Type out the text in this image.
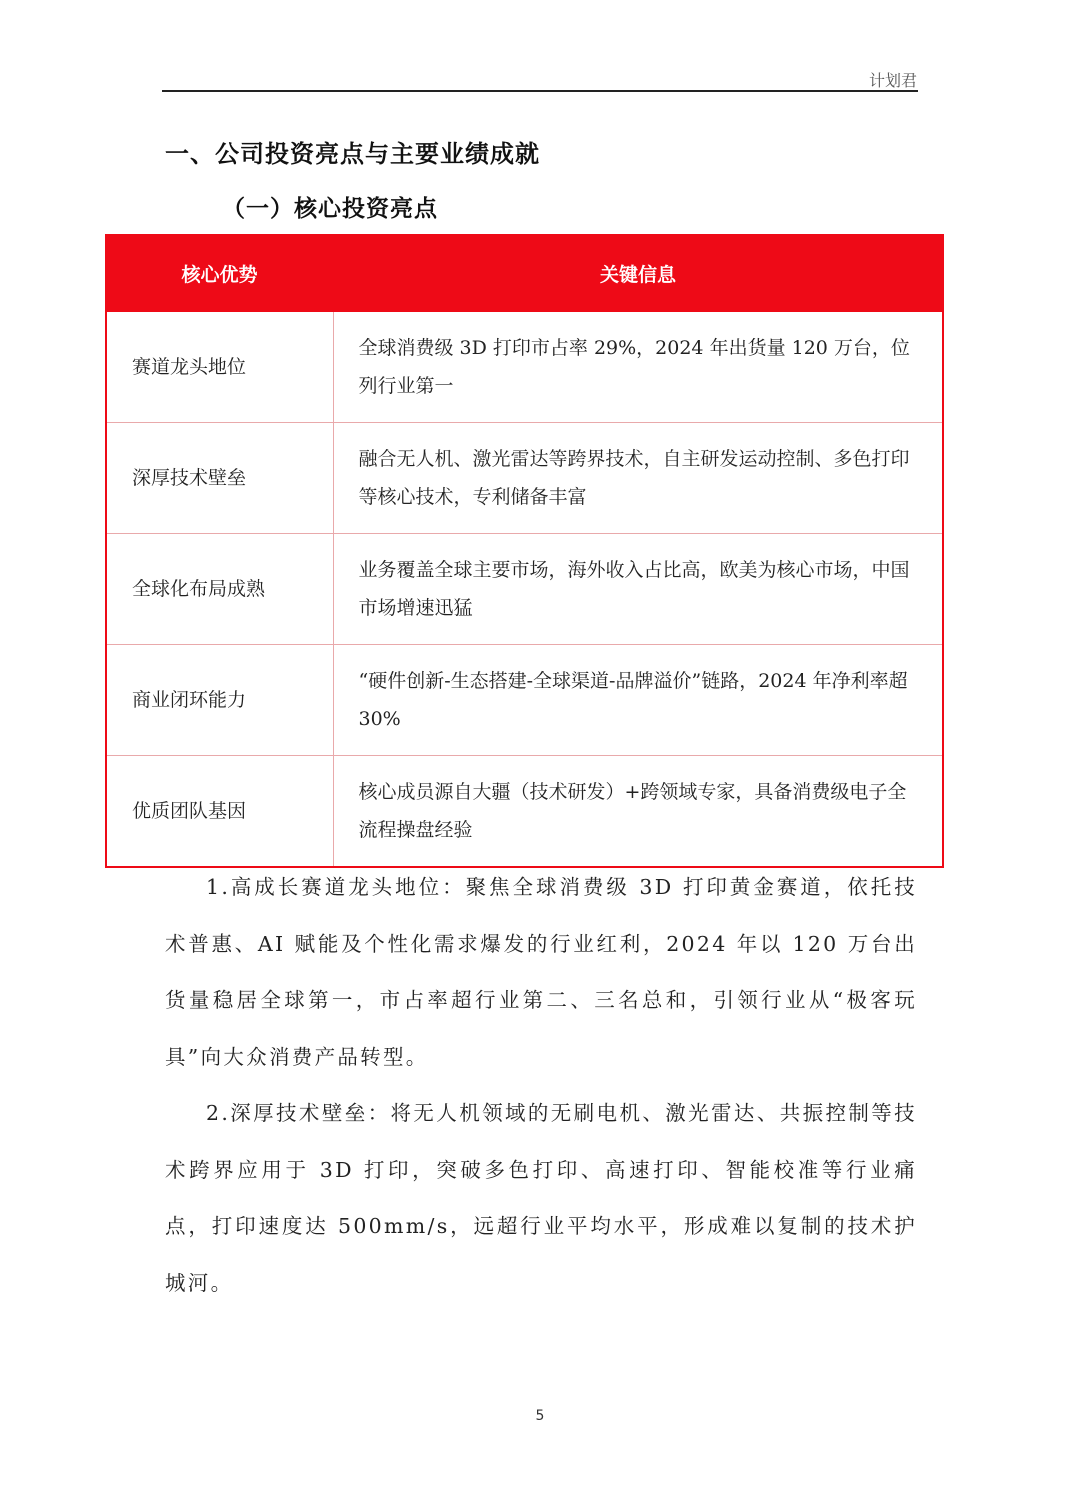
计划君
一、公司投资亮点与主要业绩成就
（一）核心投资亮点
核心优势	关键信息
赛道龙头地位	全球消费级 3D 打印市占率 29%，2024 年出货量 120 万台，位列行业第一
深厚技术壁垒	融合无人机、激光雷达等跨界技术，自主研发运动控制、多色打印等核心技术，专利储备丰富
全球化布局成熟	业务覆盖全球主要市场，海外收入占比高，欧美为核心市场，中国市场增速迅猛
商业闭环能力	“硬件创新-生态搭建-全球渠道-品牌溢价”链路，2024 年净利率超 30%
优质团队基因	核心成员源自大疆（技术研发）+跨领域专家，具备消费级电子全流程操盘经验

1.高成长赛道龙头地位：聚焦全球消费级 3D 打印黄金赛道，依托技术普惠、AI 赋能及个性化需求爆发的行业红利，2024 年以 120 万台出货量稳居全球第一，市占率超行业第二、三名总和，引领行业从“极客玩具”向大众消费产品转型。

2.深厚技术壁垒：将无人机领域的无刷电机、激光雷达、共振控制等技术跨界应用于 3D 打印，突破多色打印、高速打印、智能校准等行业痛点，打印速度达 500mm/s，远超行业平均水平，形成难以复制的技术护城河。

5
